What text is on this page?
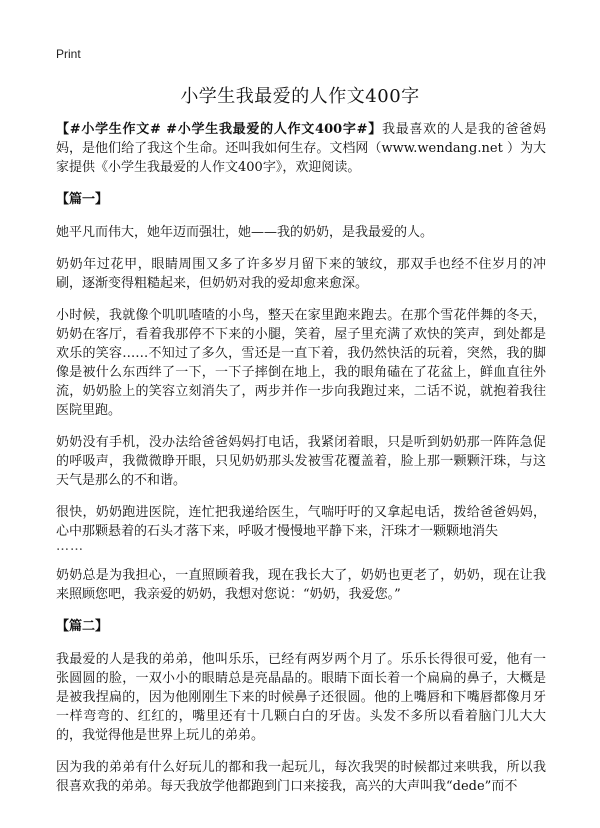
Print
小学生我最爱的人作文400字

【#小学生作文# #小学生我最爱的人作文400字#】我最喜欢的人是我的爸爸妈妈，是他们给了我这个生命。还叫我如何生存。文档网（www.wendang.net ）为大家提供《小学生我最爱的人作文400字》，欢迎阅读。

【篇一】

她平凡而伟大，她年迈而强壮，她——我的奶奶，是我最爱的人。

奶奶年过花甲，眼睛周围又多了许多岁月留下来的皱纹，那双手也经不住岁月的冲刷，逐渐变得粗糙起来，但奶奶对我的爱却愈来愈深。

小时候，我就像个叽叽喳喳的小鸟，整天在家里跑来跑去。在那个雪花伴舞的冬天，奶奶在客厅，看着我那停不下来的小腿，笑着，屋子里充满了欢快的笑声，到处都是欢乐的笑容……不知过了多久，雪还是一直下着，我仍然快活的玩着，突然，我的脚像是被什么东西绊了一下，一下子摔倒在地上，我的眼角磕在了花盆上，鲜血直往外流，奶奶脸上的笑容立刻消失了，两步并作一步向我跑过来，二话不说，就抱着我往医院里跑。

奶奶没有手机，没办法给爸爸妈妈打电话，我紧闭着眼，只是听到奶奶那一阵阵急促的呼吸声，我微微睁开眼，只见奶奶那头发被雪花覆盖着，脸上那一颗颗汗珠，与这天气是那么的不和谐。

很快，奶奶跑进医院，连忙把我递给医生，气喘吁吁的又拿起电话，拨给爸爸妈妈，心中那颗悬着的石头才落下来，呼吸才慢慢地平静下来，汗珠才一颗颗地消失
……

奶奶总是为我担心，一直照顾着我，现在我长大了，奶奶也更老了，奶奶，现在让我来照顾您吧，我亲爱的奶奶，我想对您说：“奶奶，我爱您。”

【篇二】

我最爱的人是我的弟弟，他叫乐乐，已经有两岁两个月了。乐乐长得很可爱，他有一张圆圆的脸，一双小小的眼睛总是亮晶晶的。眼睛下面长着一个扁扁的鼻子，大概是是被我捏扁的，因为他刚刚生下来的时候鼻子还很圆。他的上嘴唇和下嘴唇都像月牙一样弯弯的、红红的，嘴里还有十几颗白白的牙齿。头发不多所以看着脑门儿大大的，我觉得他是世界上玩儿的弟弟。

因为我的弟弟有什么好玩儿的都和我一起玩儿，每次我哭的时候都过来哄我，所以我很喜欢我的弟弟。每天我放学他都跑到门口来接我，高兴的大声叫我“dede”而不
